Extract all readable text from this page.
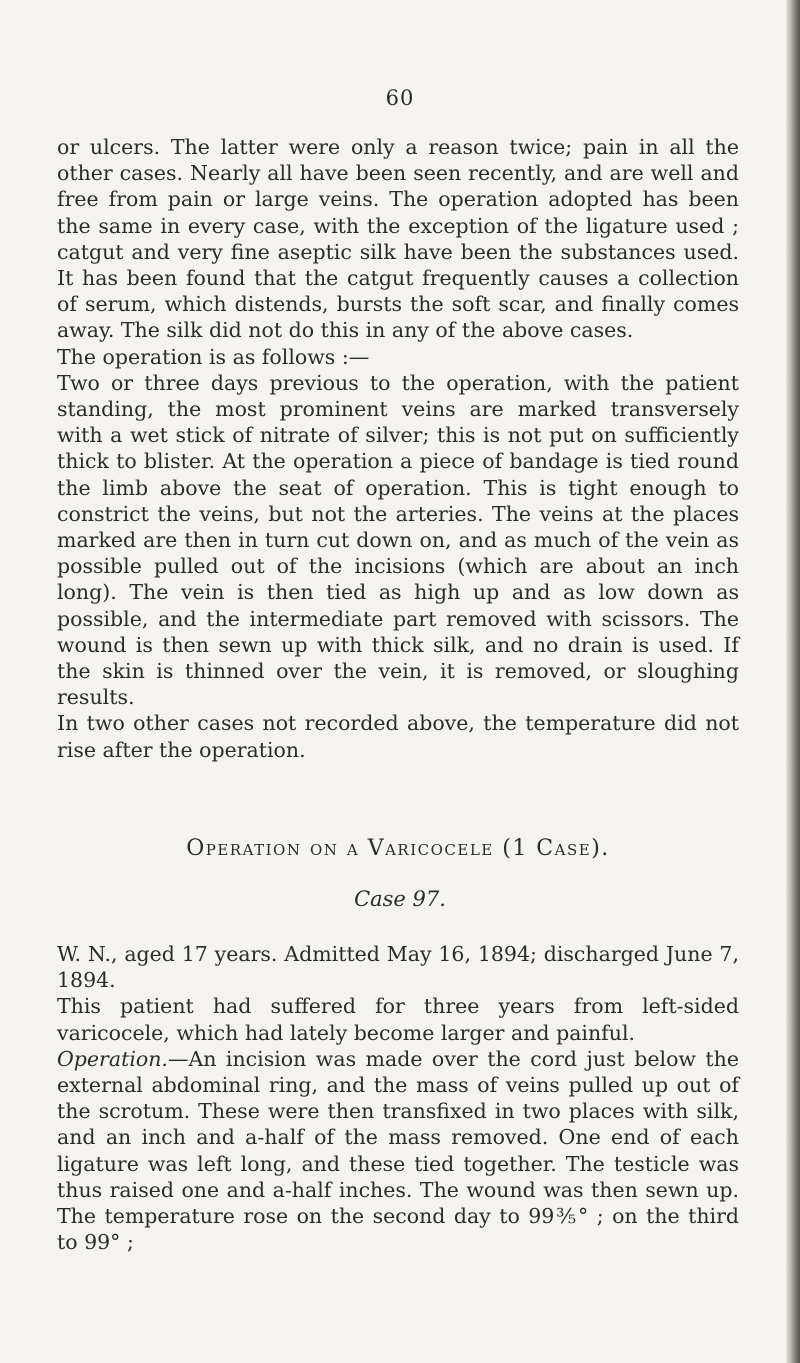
60

or ulcers. The latter were only a reason twice; pain in all the other cases. Nearly all have been seen recently, and are well and free from pain or large veins. The operation adopted has been the same in every case, with the exception of the ligature used ; catgut and very fine aseptic silk have been the substances used. It has been found that the catgut frequently causes a collection of serum, which distends, bursts the soft scar, and finally comes away. The silk did not do this in any of the above cases.

The operation is as follows :—

Two or three days previous to the operation, with the patient standing, the most prominent veins are marked transversely with a wet stick of nitrate of silver; this is not put on sufficiently thick to blister. At the operation a piece of bandage is tied round the limb above the seat of operation. This is tight enough to constrict the veins, but not the arteries. The veins at the places marked are then in turn cut down on, and as much of the vein as possible pulled out of the incisions (which are about an inch long). The vein is then tied as high up and as low down as possible, and the intermediate part removed with scissors. The wound is then sewn up with thick silk, and no drain is used. If the skin is thinned over the vein, it is removed, or sloughing results.

In two other cases not recorded above, the temperature did not rise after the operation.

Operation on a Varicocele (1 Case).
Case 97.

W. N., aged 17 years. Admitted May 16, 1894; discharged June 7, 1894.

This patient had suffered for three years from left-sided varicocele, which had lately become larger and painful.

Operation.—An incision was made over the cord just below the external abdominal ring, and the mass of veins pulled up out of the scrotum. These were then transfixed in two places with silk, and an inch and a-half of the mass removed. One end of each ligature was left long, and these tied together. The testicle was thus raised one and a-half inches. The wound was then sewn up. The temperature rose on the second day to 99⅗° ; on the third to 99° ;
